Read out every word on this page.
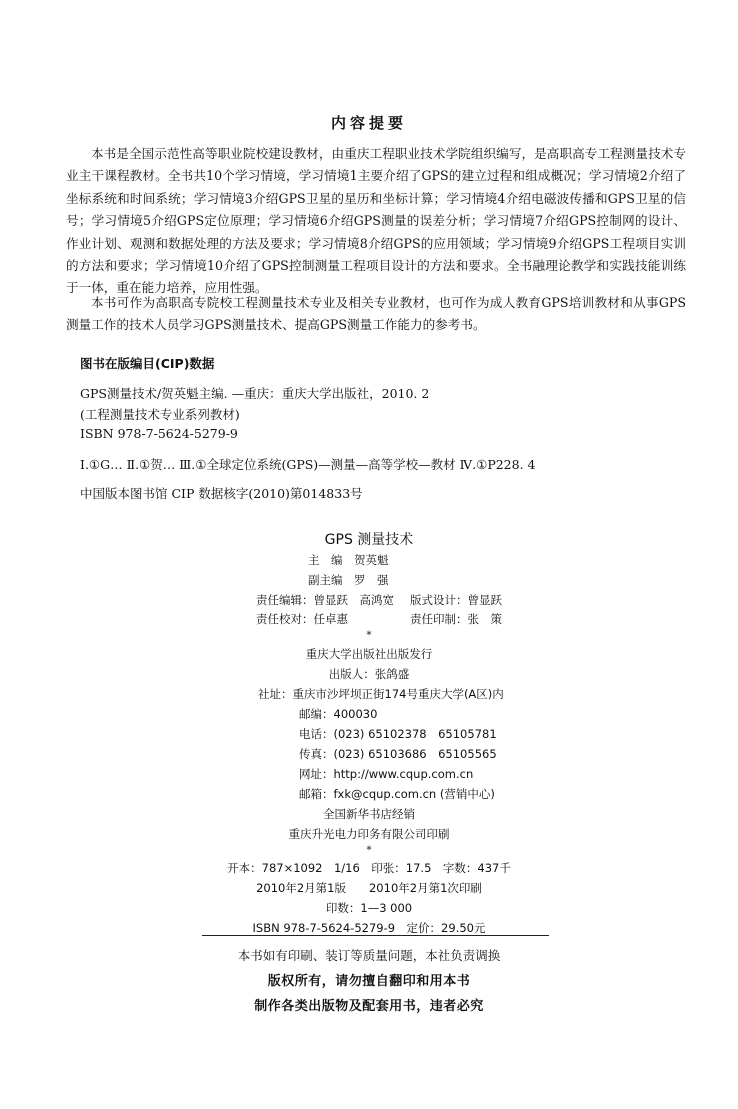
内容提要

本书是全国示范性高等职业院校建设教材，由重庆工程职业技术学院组织编写，是高职高专工程测量技术专业主干课程教材。全书共10个学习情境，学习情境1主要介绍了GPS的建立过程和组成概况；学习情境2介绍了坐标系统和时间系统；学习情境3介绍GPS卫星的星历和坐标计算；学习情境4介绍电磁波传播和GPS卫星的信号；学习情境5介绍GPS定位原理；学习情境6介绍GPS测量的误差分析；学习情境7介绍GPS控制网的设计、作业计划、观测和数据处理的方法及要求；学习情境8介绍GPS的应用领域；学习情境9介绍GPS工程项目实训的方法和要求；学习情境10介绍了GPS控制测量工程项目设计的方法和要求。全书融理论教学和实践技能训练于一体，重在能力培养，应用性强。

本书可作为高职高专院校工程测量技术专业及相关专业教材，也可作为成人教育GPS培训教材和从事GPS测量工作的技术人员学习GPS测量技术、提高GPS测量工作能力的参考书。

图书在版编目(CIP)数据
GPS测量技术/贺英魁主编. —重庆：重庆大学出版社，2010. 2
(工程测量技术专业系列教材)
ISBN 978-7-5624-5279-9
Ⅰ.①G… Ⅱ.①贺… Ⅲ.①全球定位系统(GPS)—测量—高等学校—教材 Ⅳ.①P228. 4
中国版本图书馆 CIP 数据核字(2010)第014833号
GPS 测量技术
主　编　贺英魁
副主编　罗　强
责任编辑：曾显跃　高鸿宽 版式设计：曾显跃
责任校对：任卓惠	责任印制：张　策
*
重庆大学出版社出版发行
出版人：张鸽盛
社址：重庆市沙坪坝正街174号重庆大学(A区)内
邮编：400030
电话：(023) 65102378　65105781
传真：(023) 65103686　65105565
网址：http://www.cqup.com.cn
邮箱：fxk@cqup.com.cn (营销中心)
全国新华书店经销
重庆升光电力印务有限公司印刷
*
开本：787×1092　1/16　印张：17.5　字数：437千
2010年2月第1版　　2010年2月第1次印刷
印数：1—3 000
ISBN 978-7-5624-5279-9　定价：29.50元
本书如有印刷、装订等质量问题，本社负责调换
版权所有，请勿擅自翻印和用本书
制作各类出版物及配套用书，违者必究
